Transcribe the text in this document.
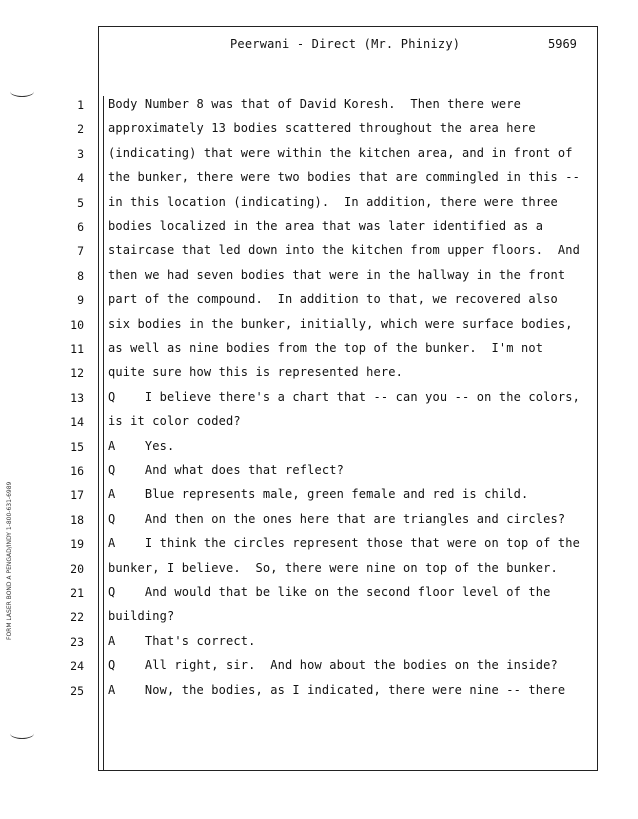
Peerwani - Direct (Mr. Phinizy)	5969
FORM LASER BOND A PENGAD/INDY 1-800-631-6989
1 Body Number 8 was that of David Koresh.  Then there were
2 approximately 13 bodies scattered throughout the area here
3 (indicating) that were within the kitchen area, and in front of
4 the bunker, there were two bodies that are commingled in this --
5 in this location (indicating).  In addition, there were three
6 bodies localized in the area that was later identified as a
7 staircase that led down into the kitchen from upper floors.  And
8 then we had seven bodies that were in the hallway in the front
9 part of the compound.  In addition to that, we recovered also
10 six bodies in the bunker, initially, which were surface bodies,
11 as well as nine bodies from the top of the bunker.  I'm not
12 quite sure how this is represented here.
13 Q    I believe there's a chart that -- can you -- on the colors,
14 is it color coded?
15 A    Yes.
16 Q    And what does that reflect?
17 A    Blue represents male, green female and red is child.
18 Q    And then on the ones here that are triangles and circles?
19 A    I think the circles represent those that were on top of the
20 bunker, I believe.  So, there were nine on top of the bunker.
21 Q    And would that be like on the second floor level of the
22 building?
23 A    That's correct.
24 Q    All right, sir.  And how about the bodies on the inside?
25 A    Now, the bodies, as I indicated, there were nine -- there
